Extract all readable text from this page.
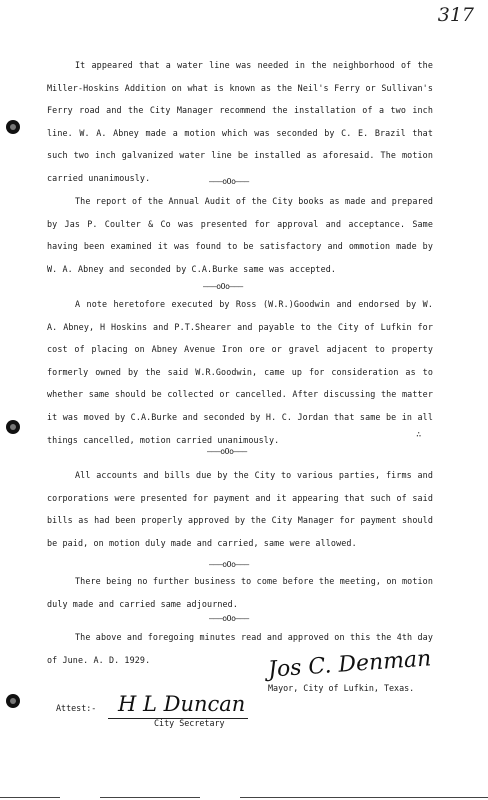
317

It appeared that a water line was needed in the neighborhood of the Miller-Hoskins Addition on what is known as the Neil's Ferry or Sullivan's Ferry road and the City Manager recommend the installation of a two inch line. W. A. Abney made a motion which was seconded by C. E. Brazil that such two inch galvanized water line be installed as aforesaid. The motion carried unanimously.	———oOo———

The report of the Annual Audit of the City books as made and prepared by Jas P. Coulter & Co was presented for approval and acceptance. Same having been examined it was found to be satisfactory and ommotion made by W. A. Abney and seconded by C.A.Burke same was accepted.

———oOo———

A note heretofore executed by Ross (W.R.)Goodwin and endorsed by W. A. Abney, H Hoskins and P.T.Shearer and payable to the City of Lufkin for cost of placing on Abney Avenue Iron ore or gravel adjacent to property formerly owned by the said W.R.Goodwin, came up for consideration as to whether same should be collected or cancelled. After discussing the matter it was moved by C.A.Burke and seconded by H. C. Jordan that same be in all things cancelled, motion carried unanimously.

———oOo———
∴

All accounts and bills due by the City to various parties, firms and corporations were presented for payment and it appearing that such of said bills as had been properly approved by the City Manager for payment should be paid, on motion duly made and carried, same were allowed.

———oOo———

There being no further business to come before the meeting, on motion duly made and carried same adjourned.

———oOo———

The above and foregoing minutes read and approved on this the 4th day of June. A. D. 1929.	Jos C. Denman
Mayor, City of Lufkin, Texas.
Attest:- H L Duncan
City Secretary
